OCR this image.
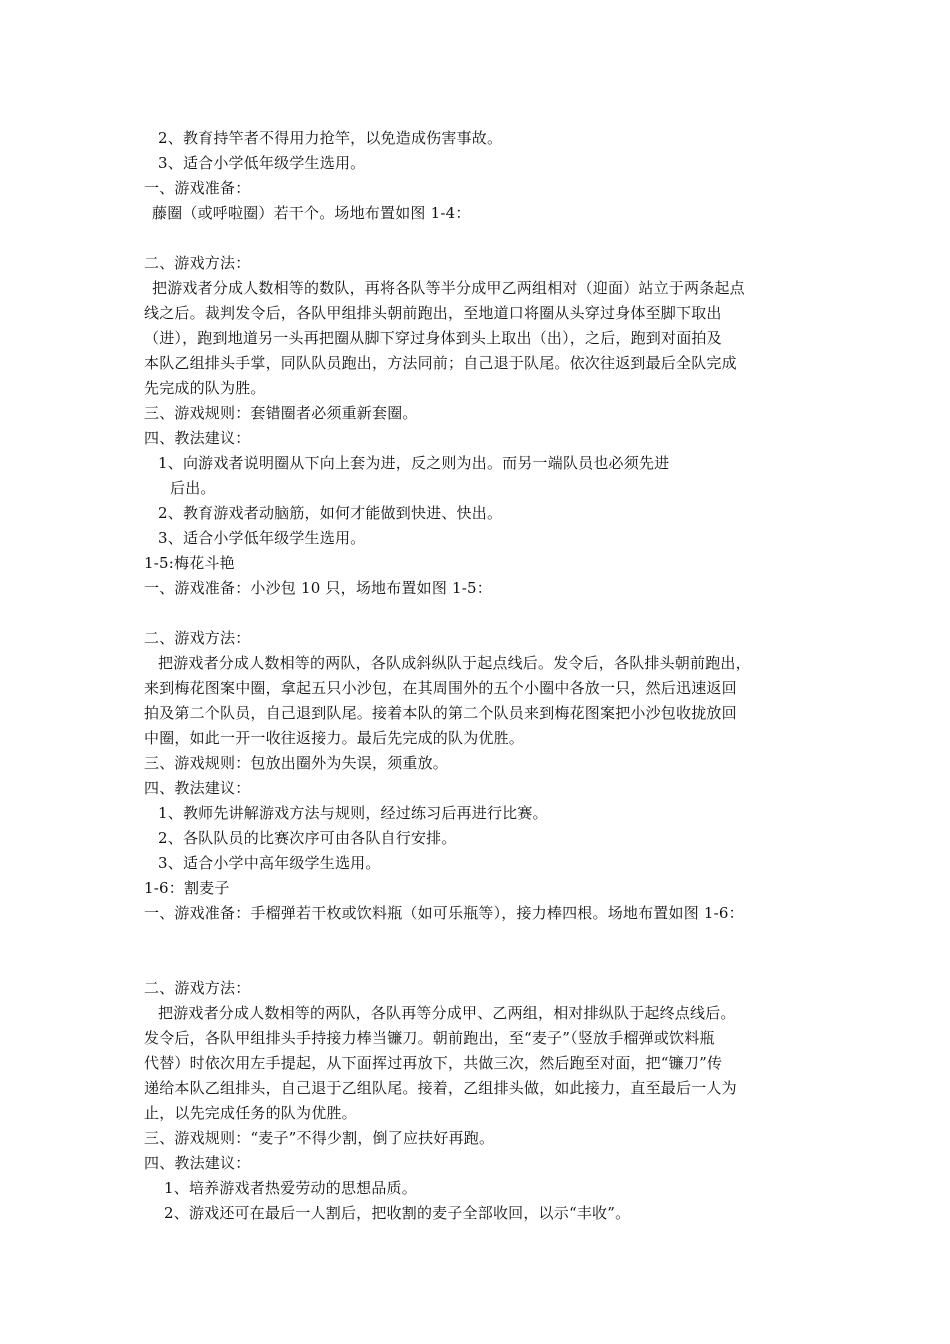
2、教育持竿者不得用力抢竿，以免造成伤害事故。
3、适合小学低年级学生选用。
一、游戏准备：
藤圈（或呼啦圈）若干个。场地布置如图 1-4：
二、游戏方法：
把游戏者分成人数相等的数队，再将各队等半分成甲乙两组相对（迎面）站立于两条起点
线之后。裁判发令后，各队甲组排头朝前跑出，至地道口将圈从头穿过身体至脚下取出
（进），跑到地道另一头再把圈从脚下穿过身体到头上取出（出），之后，跑到对面拍及
本队乙组排头手掌，同队队员跑出，方法同前；自己退于队尾。依次往返到最后全队完成
先完成的队为胜。
三、游戏规则：套错圈者必须重新套圈。
四、教法建议：
1、向游戏者说明圈从下向上套为进，反之则为出。而另一端队员也必须先进
后出。
2、教育游戏者动脑筋，如何才能做到快进、快出。
3、适合小学低年级学生选用。
1-5:梅花斗艳
一、游戏准备：小沙包 10 只，场地布置如图 1-5：
二、游戏方法：
把游戏者分成人数相等的两队，各队成斜纵队于起点线后。发令后，各队排头朝前跑出，
来到梅花图案中圈，拿起五只小沙包，在其周围外的五个小圈中各放一只，然后迅速返回
拍及第二个队员，自己退到队尾。接着本队的第二个队员来到梅花图案把小沙包收拢放回
中圈，如此一开一收往返接力。最后先完成的队为优胜。
三、游戏规则：包放出圈外为失误，须重放。
四、教法建议：
1、教师先讲解游戏方法与规则，经过练习后再进行比赛。
2、各队队员的比赛次序可由各队自行安排。
3、适合小学中高年级学生选用。
1-6：割麦子
一、游戏准备：手榴弹若干枚或饮料瓶（如可乐瓶等），接力棒四根。场地布置如图 1-6：
二、游戏方法：
把游戏者分成人数相等的两队，各队再等分成甲、乙两组，相对排纵队于起终点线后。
发令后，各队甲组排头手持接力棒当镰刀。朝前跑出，至“麦子”（竖放手榴弹或饮料瓶
代替）时依次用左手提起，从下面挥过再放下，共做三次，然后跑至对面，把“镰刀”传
递给本队乙组排头，自己退于乙组队尾。接着，乙组排头做，如此接力，直至最后一人为
止，以先完成任务的队为优胜。
三、游戏规则：“麦子”不得少割，倒了应扶好再跑。
四、教法建议：
1、培养游戏者热爱劳动的思想品质。
2、游戏还可在最后一人割后，把收割的麦子全部收回，以示“丰收”。
